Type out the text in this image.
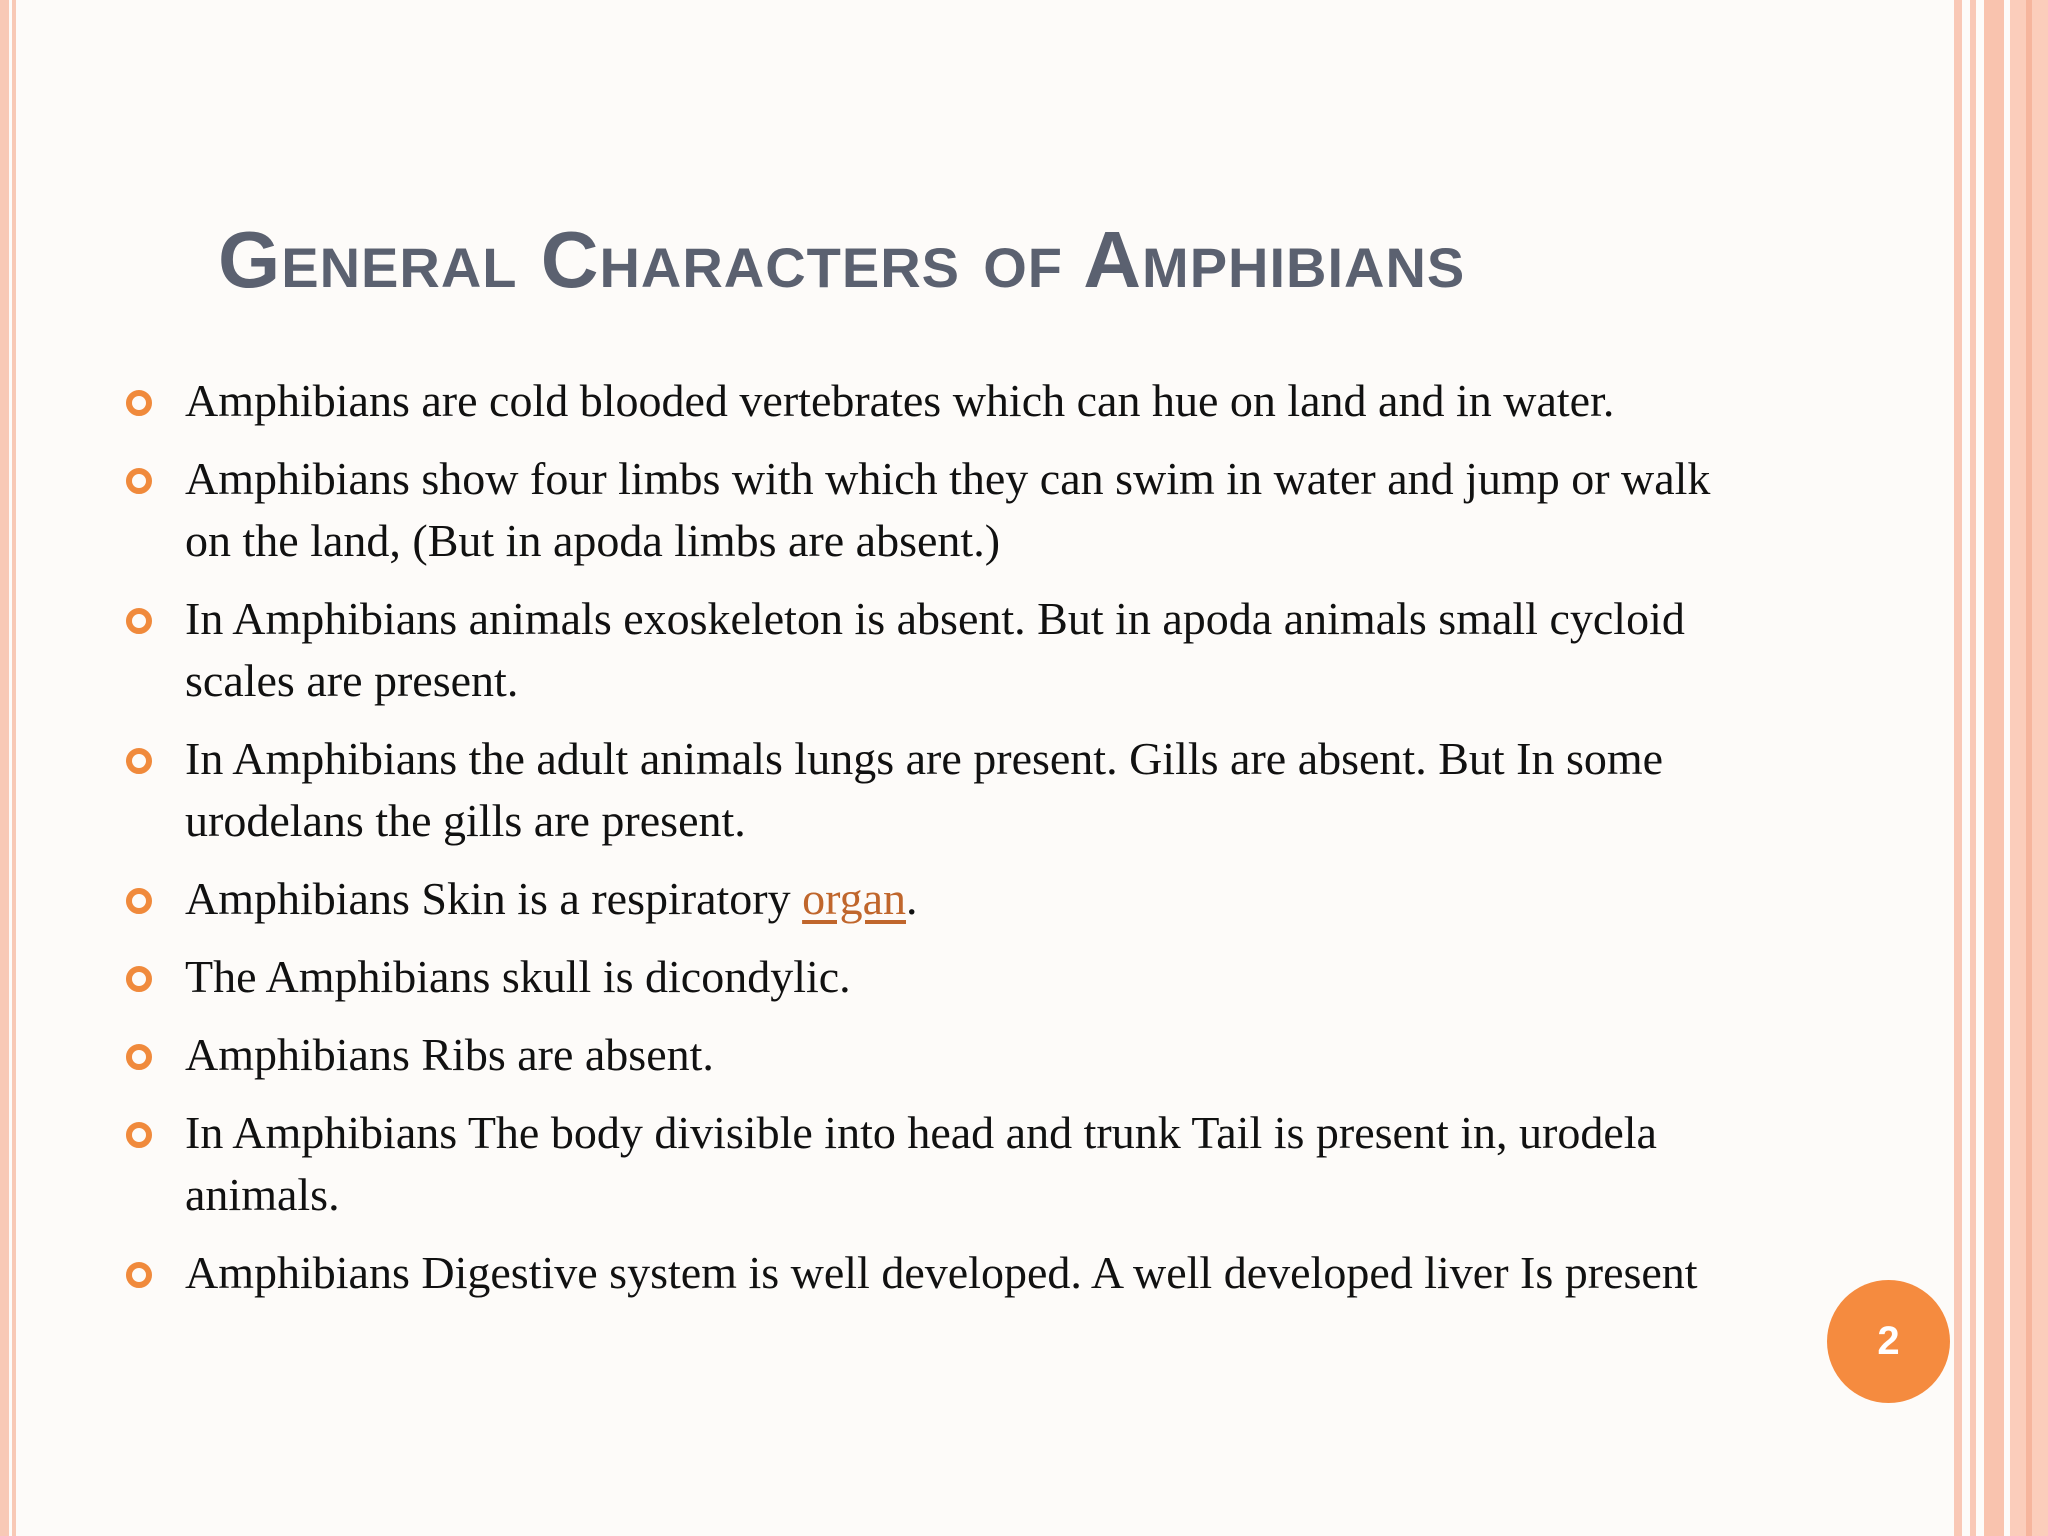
General Characters of Amphibians
Amphibians are cold blooded vertebrates which can hue on land and in water.
Amphibians show four limbs with which they can swim in water and jump or walk on the land, (But in apoda limbs are absent.)
In Amphibians animals exoskeleton is absent. But in apoda animals small cycloid scales are present.
In Amphibians the adult animals lungs are present. Gills are absent. But In some urodelans the gills are present.
Amphibians Skin is a respiratory organ.
The Amphibians skull is dicondylic.
Amphibians Ribs are absent.
In Amphibians The body divisible into head and trunk Tail is present in, urodela animals.
Amphibians Digestive system is well developed. A well developed liver Is present
2
